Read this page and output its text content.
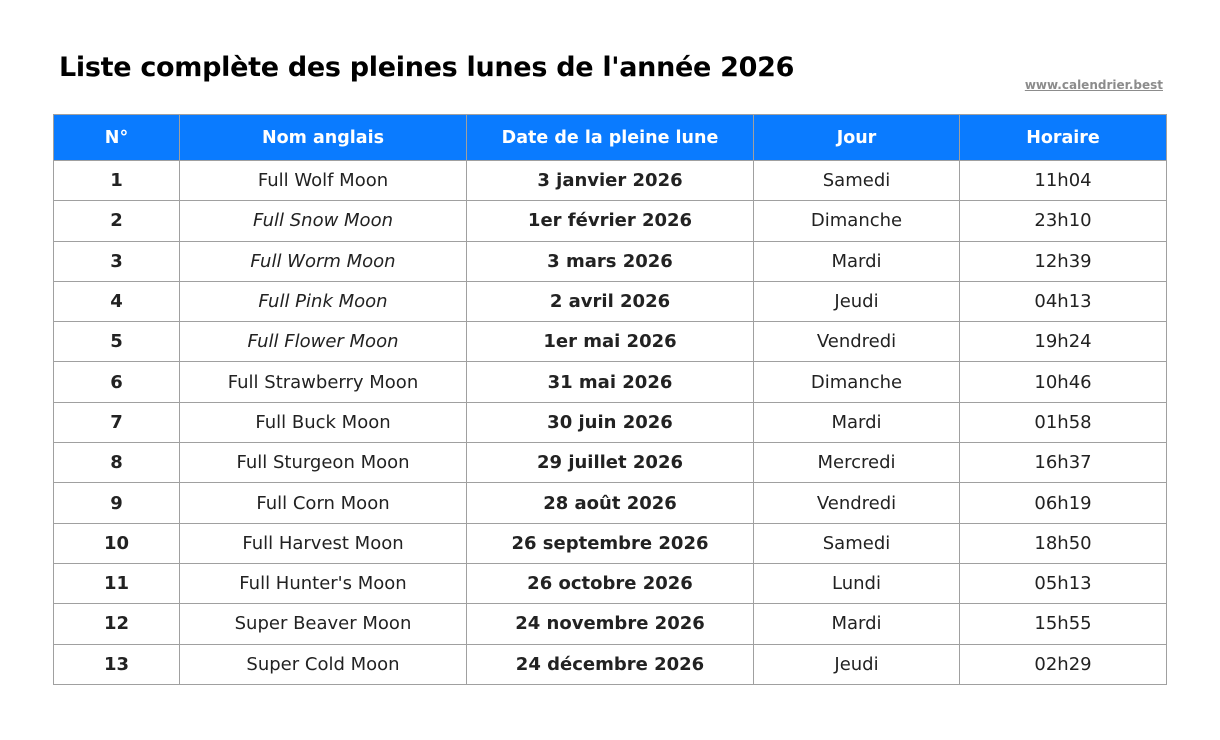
Liste complète des pleines lunes de l'année 2026
www.calendrier.best
N°	Nom anglais	Date de la pleine lune	Jour	Horaire
1	Full Wolf Moon	3 janvier 2026	Samedi	11h04
2	Full Snow Moon	1er février 2026	Dimanche	23h10
3	Full Worm Moon	3 mars 2026	Mardi	12h39
4	Full Pink Moon	2 avril 2026	Jeudi	04h13
5	Full Flower Moon	1er mai 2026	Vendredi	19h24
6	Full Strawberry Moon	31 mai 2026	Dimanche	10h46
7	Full Buck Moon	30 juin 2026	Mardi	01h58
8	Full Sturgeon Moon	29 juillet 2026	Mercredi	16h37
9	Full Corn Moon	28 août 2026	Vendredi	06h19
10	Full Harvest Moon	26 septembre 2026	Samedi	18h50
11	Full Hunter's Moon	26 octobre 2026	Lundi	05h13
12	Super Beaver Moon	24 novembre 2026	Mardi	15h55
13	Super Cold Moon	24 décembre 2026	Jeudi	02h29
